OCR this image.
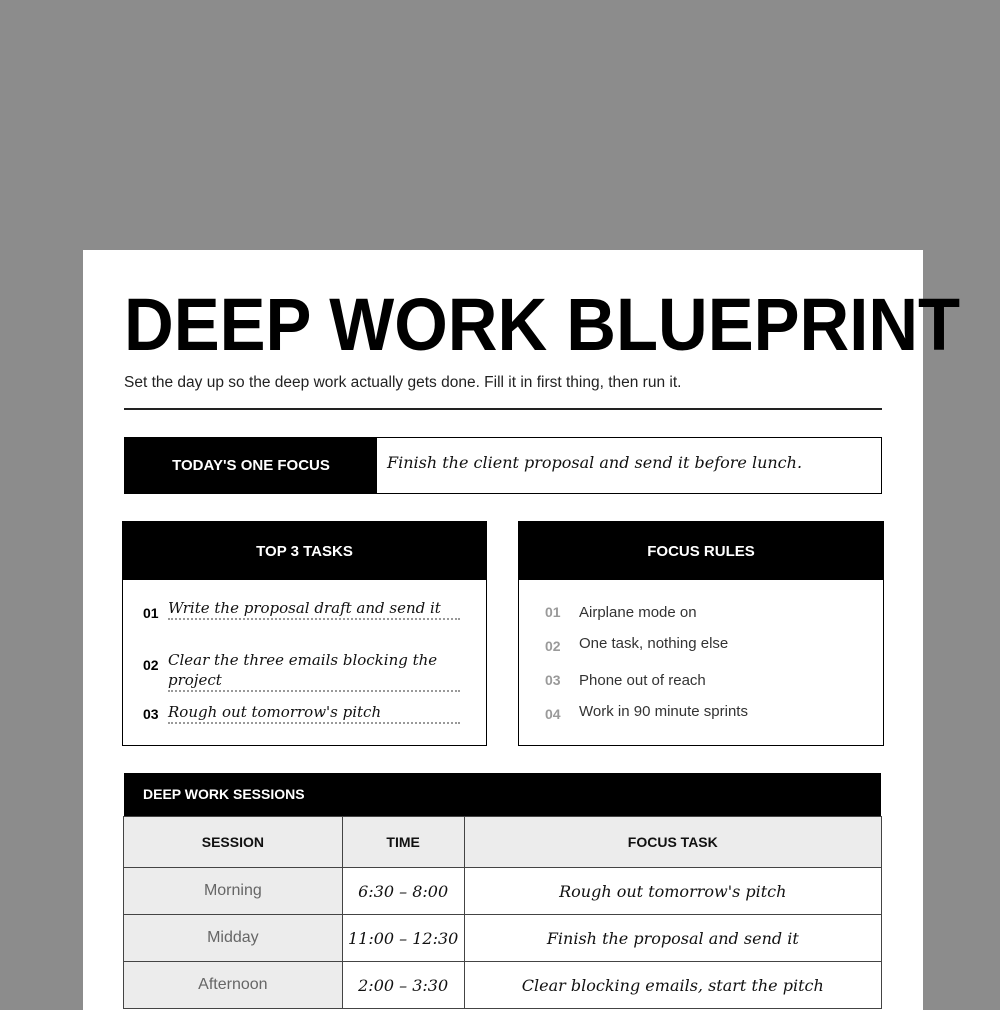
DEEP WORK BLUEPRINT
Set the day up so the deep work actually gets done. Fill it in first thing, then run it.
TODAY'S ONE FOCUS	Finish the client proposal and send it before lunch.
TOP 3 TASKS
01 Write the proposal draft and send it
02 Clear the three emails blocking the project
03 Rough out tomorrow's pitch
FOCUS RULES
01 Airplane mode on
02 One task, nothing else
03 Phone out of reach
04 Work in 90 minute sprints
DEEP WORK SESSIONS
SESSION	TIME	FOCUS TASK
Morning	6:30 – 8:00	Rough out tomorrow's pitch
Midday	11:00 – 12:30	Finish the proposal and send it
Afternoon	2:00 – 3:30	Clear blocking emails, start the pitch
